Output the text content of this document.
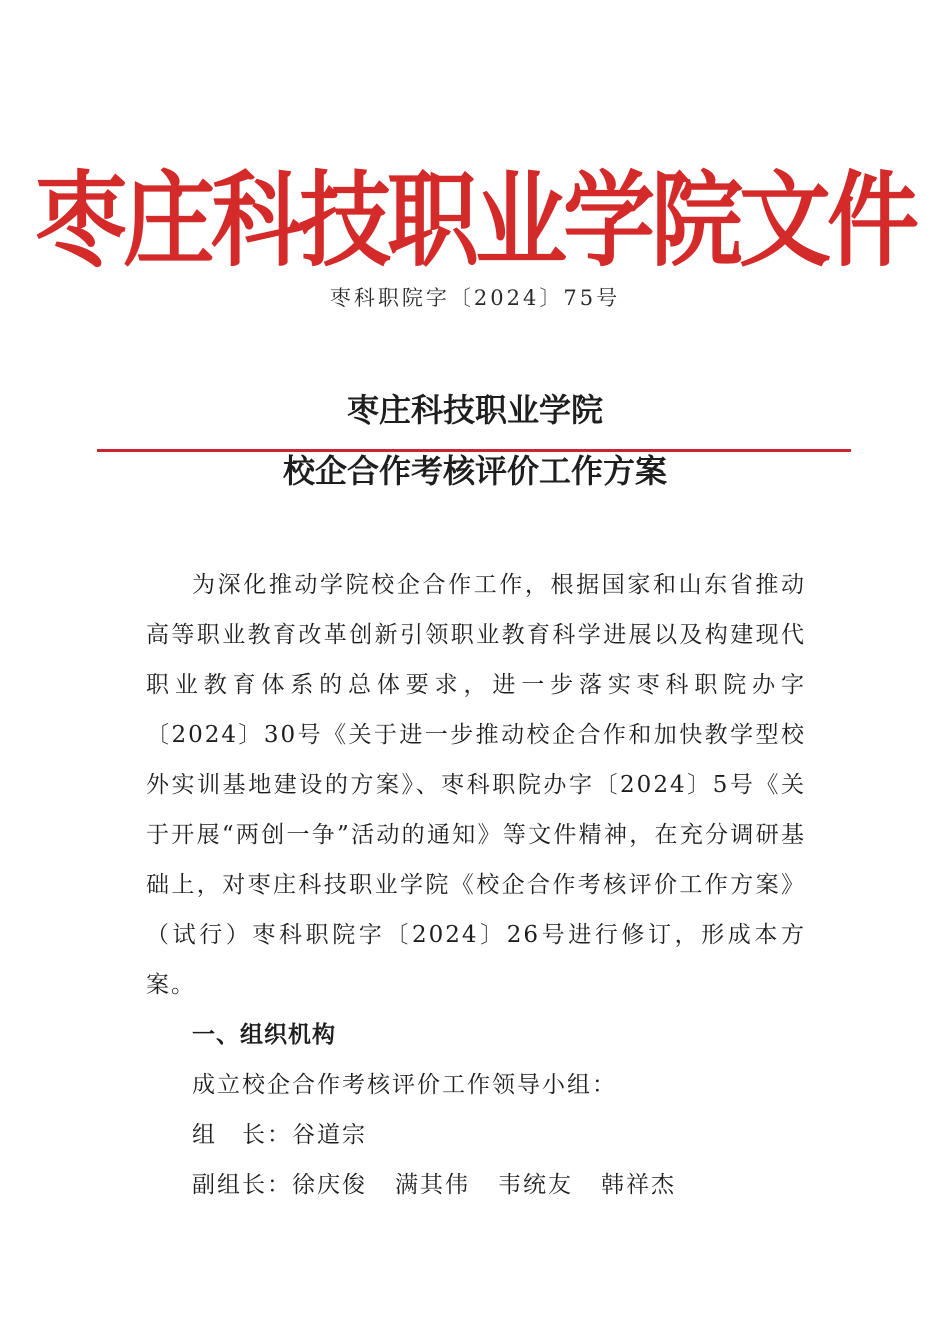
枣庄科技职业学院文件
枣科职院字〔2024〕75号
枣庄科技职业学院
校企合作考核评价工作方案

为深化推动学院校企合作工作，根据国家和山东省推动高等职业教育改革创新引领职业教育科学进展以及构建现代职业教育体系的总体要求，进一步落实枣科职院办字〔2024〕30号《关于进一步推动校企合作和加快教学型校外实训基地建设的方案》、枣科职院办字〔2024〕5号《关于开展“两创一争”活动的通知》等文件精神，在充分调研基础上，对枣庄科技职业学院《校企合作考核评价工作方案》（试行）枣科职院字〔2024〕26号进行修订，形成本方案。

一、组织机构

成立校企合作考核评价工作领导小组：

组　长：谷道宗

副组长：徐庆俊 满其伟 韦统友 韩祥杰
